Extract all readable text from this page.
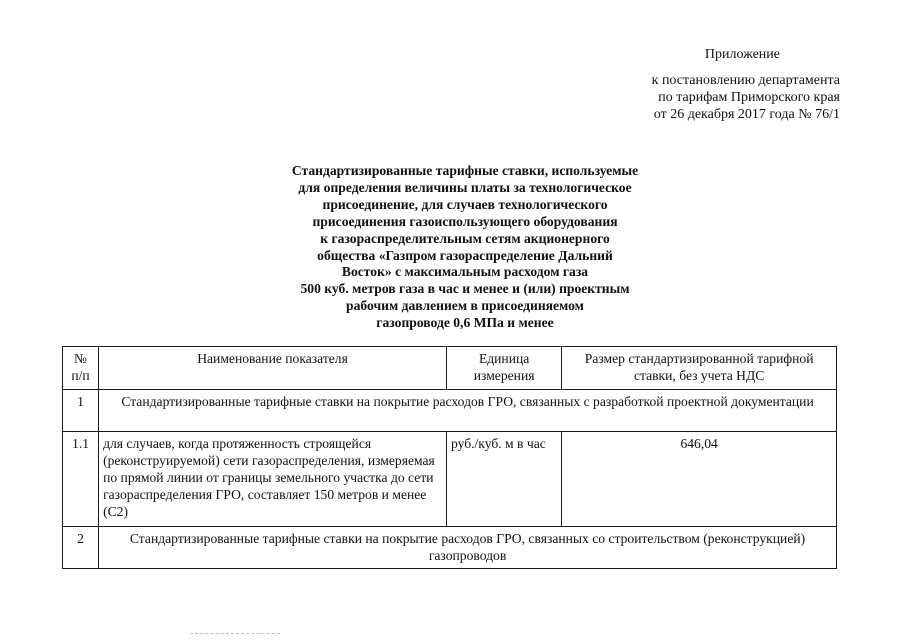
Приложение
к постановлению департамента
по тарифам Приморского края
от 26 декабря 2017 года № 76/1
Стандартизированные тарифные ставки, используемые
для определения величины платы за технологическое
присоединение, для случаев технологического
присоединения газоиспользующего оборудования
к газораспределительным сетям акционерного
общества «Газпром газораспределение Дальний
Восток» с максимальным расходом газа
500 куб. метров газа в час и менее и (или) проектным
рабочим давлением в присоединяемом
газопроводе 0,6 МПа и менее
№ п/п	Наименование показателя	Единица измерения	Размер стандартизированной тарифной ставки, без учета НДС
1	Стандартизированные тарифные ставки на покрытие расходов ГРО, связанных с разработкой проектной документации		
1.1	для случаев, когда протяженность строящейся (реконструируемой) сети газораспределения, измеряемая по прямой линии от границы земельного участка до сети газораспределения ГРО, составляет 150 метров и менее (С2)	руб./куб. м в час	646,04
2	Стандартизированные тарифные ставки на покрытие расходов ГРО, связанных со строительством (реконструкцией) газопроводов		
